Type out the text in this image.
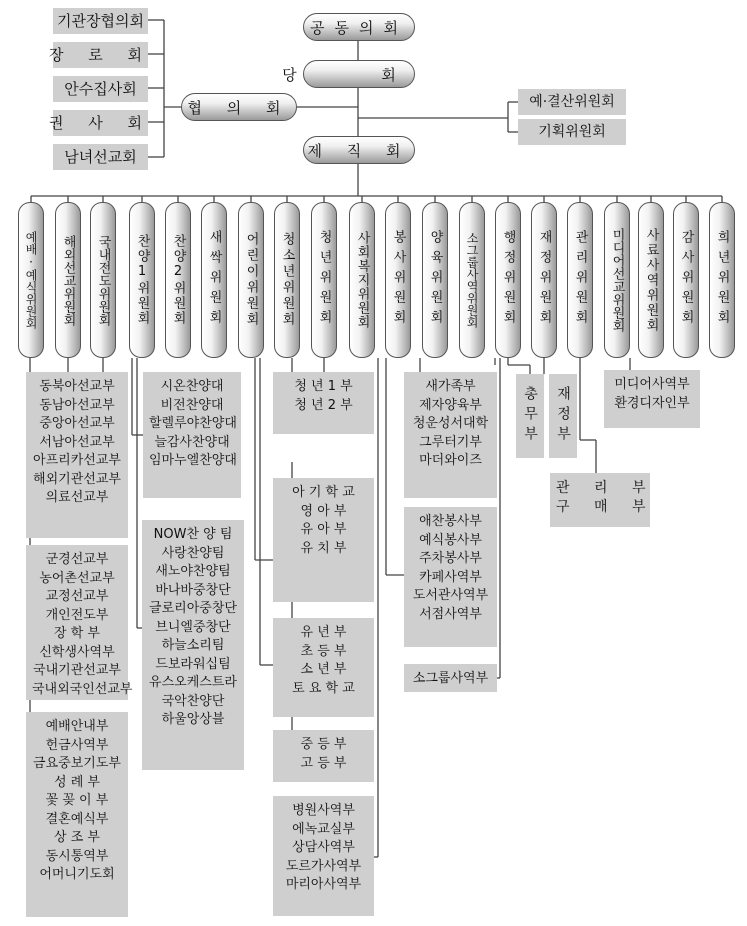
공동의회
당 회
협 의 회
제 직 회
기관장협의회
장 로 회
안수집사회
권 사 회
남녀선교회
예·결산위원회
기획위원회
예배·예식위원회 해외선교위원회 국내전도위원회 찬양1위원회 찬양2위원회 새싹위원회 어린이위원회 청소년위원회 청년위원회 사회복지위원회 봉사위원회 양육위원회 소그룹사역위원회 행정위원회 재정위원회 관리위원회 미디어선교위원회 사료사역위원회 감사위원회 희년위원회
동북아선교부
동남아선교부
중앙아선교부
서남아선교부
아프리카선교부
해외기관선교부
의료선교부
군경선교부
농어촌선교부
교정선교부
개인전도부
장 학 부
신학생사역부
국내기관선교부
국내외국인선교부
예배안내부
헌금사역부
금요중보기도부
성 례 부
꽃 꽂 이 부
결혼예식부
상 조 부
동시통역부
어머니기도회
시온찬양대
비전찬양대
할렐루야찬양대
늘감사찬양대
임마누엘찬양대
NOW찬 양 팀
사랑찬양팀
새노야찬양팀
바나바중창단
글로리아중창단
브니엘중창단
하늘소리팀
드보라워십팀
유스오케스트라
국악찬양단
하울앙상블
청 년 1 부
청 년 2 부
아 기 학 교
영 아 부
유 아 부
유 치 부
유 년 부
초 등 부
소 년 부
토 요 학 교
중 등 부
고 등 부
병원사역부
에녹교실부
상담사역부
도르가사역부
마리아사역부
새가족부
제자양육부
청운성서대학
그루터기부
마더와이즈
애찬봉사부
예식봉사부
주차봉사부
카페사역부
도서관사역부
서점사역부
소그룹사역부
미디어사역부
환경디자인부
관 리 부
구 매 부
총무부 재정부
